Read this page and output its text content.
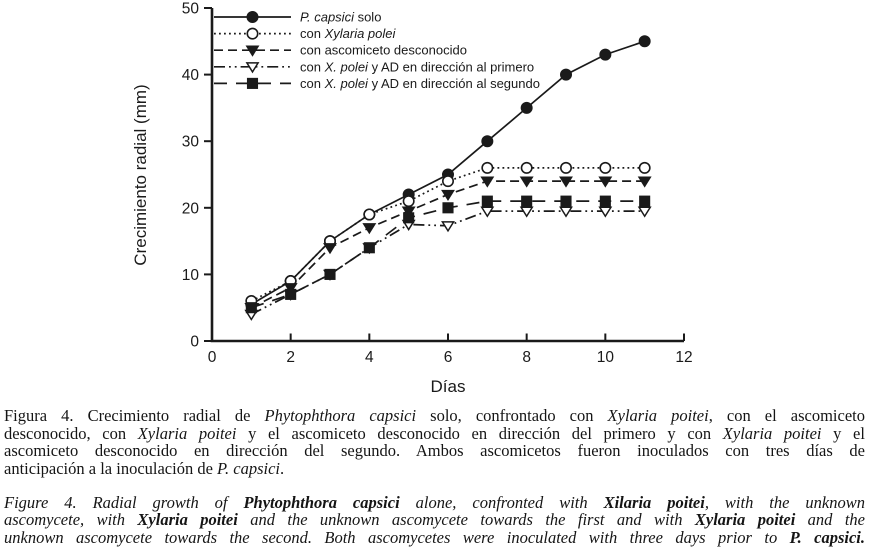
0
10
20
30
40
50
0	2	4	6	8	10	12
Días
Crecimiento radial (mm)
P. capsici solo
con Xylaria polei
con ascomiceto desconocido
con X. polei y AD en dirección al primero
con X. polei y AD en dirección al segundo

Figura 4. Crecimiento radial de Phytophthora capsici solo, confrontado con Xylaria poitei, con el ascomiceto
desconocido, con Xylaria poitei y el ascomiceto desconocido en dirección del primero y con Xylaria poitei y el
ascomiceto desconocido en dirección del segundo. Ambos ascomicetos fueron inoculados con tres días de
anticipación a la inoculación de P. capsici.

Figure 4. Radial growth of Phytophthora capsici alone, confronted with Xilaria poitei, with the unknown
ascomycete, with Xylaria poitei and the unknown ascomycete towards the first and with Xylaria poitei and the
unknown ascomycete towards the second. Both ascomycetes were inoculated with three days prior to P. capsici.
